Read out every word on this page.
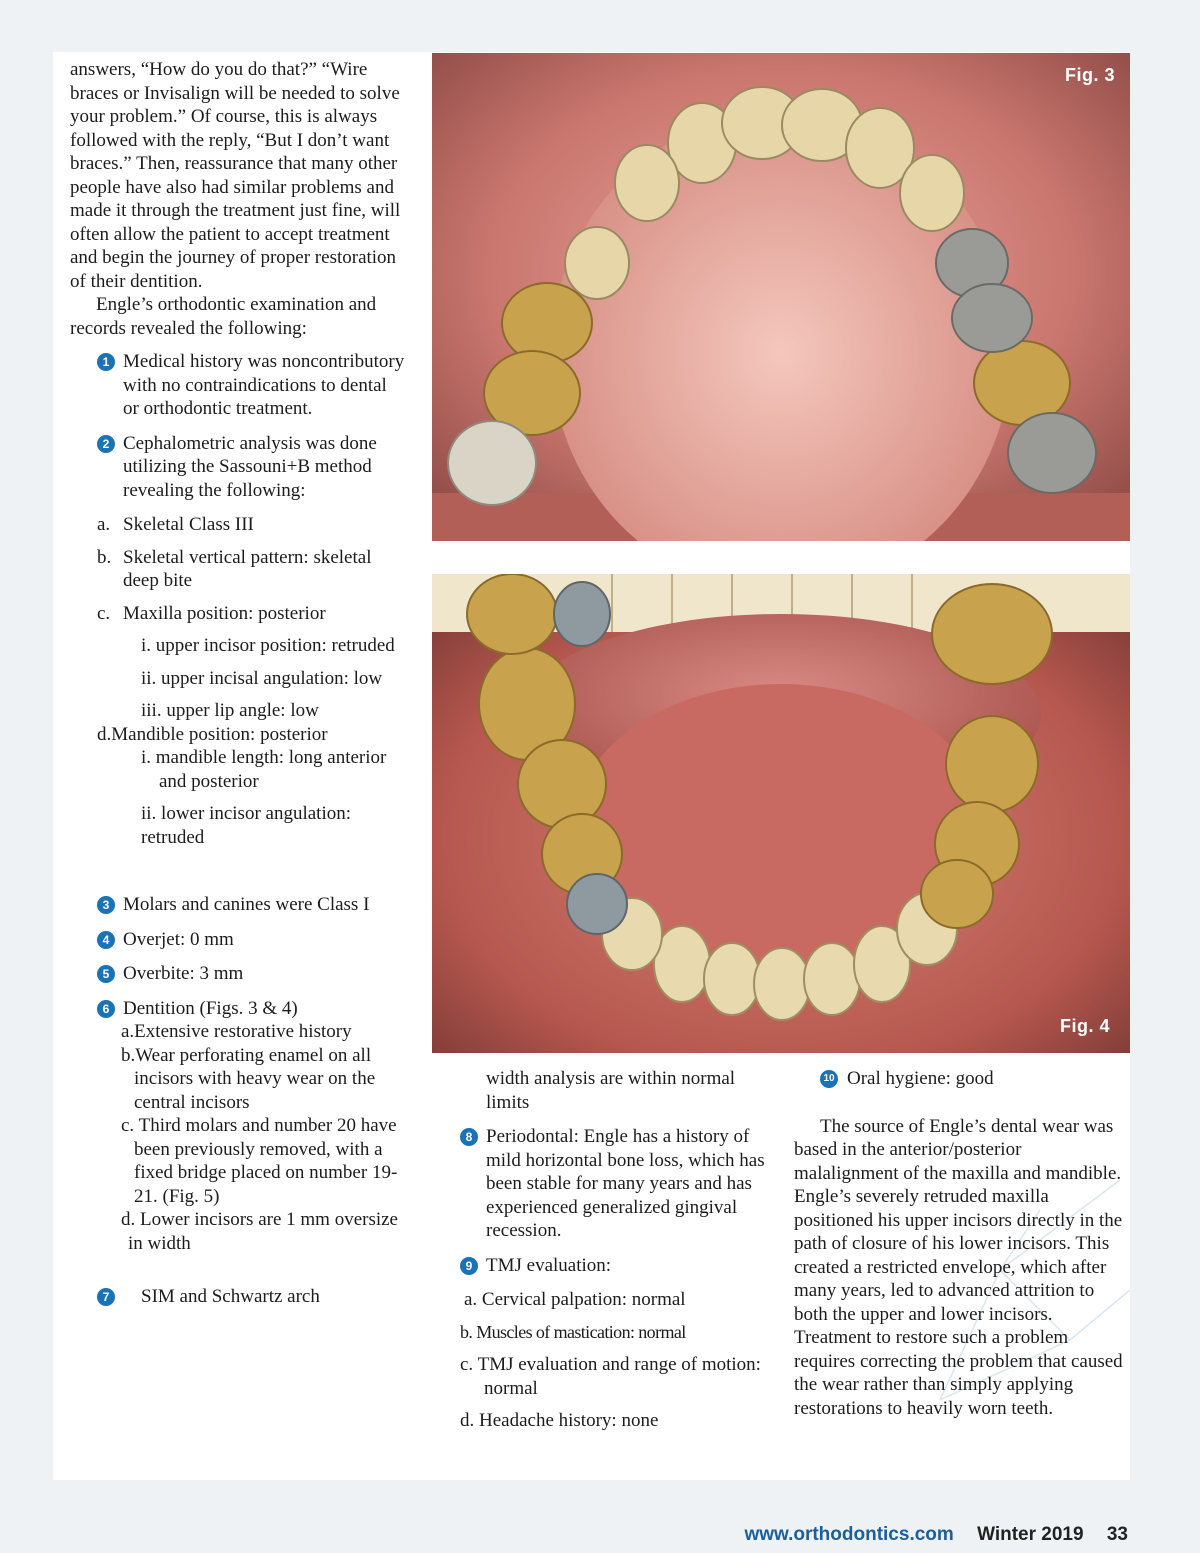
answers, “How do you do that?” “Wire braces or Invisalign will be needed to solve your problem.” Of course, this is always followed with the reply, “But I don’t want braces.” Then, reassurance that many other people have also had similar problems and made it through the treatment just fine, will often allow the patient to accept treatment and begin the journey of proper restoration of their dentition.

Engle’s orthodontic examination and records revealed the following:

1 Medical history was noncontributory with no contraindications to dental or orthodontic treatment.

2 Cephalometric analysis was done utilizing the Sassouni+B method revealing the following:

a. Skeletal Class III

b. Skeletal vertical pattern: skeletal deep bite

c. Maxilla position: posterior

i. upper incisor position: retruded

ii. upper incisal angulation: low

iii. upper lip angle: low

d.Mandible position: posterior

i. mandible length: long anterior and posterior

ii. lower incisor angulation: retruded

3 Molars and canines were Class I

4 Overjet: 0 mm

5 Overbite: 3 mm

6 Dentition (Figs. 3 & 4)

a.Extensive restorative history

b.Wear perforating enamel on all incisors with heavy wear on the central incisors

c. Third molars and number 20 have been previously removed, with a fixed bridge placed on number 19-21. (Fig. 5)

d. Lower incisors are 1 mm oversize in width

7 SIM and Schwartz arch

Fig. 3
Fig. 4

width analysis are within normal limits

8 Periodontal: Engle has a history of mild horizontal bone loss, which has been stable for many years and has experienced generalized gingival recession.

9 TMJ evaluation:

a. Cervical palpation: normal

b. Muscles of mastication: normal

c. TMJ evaluation and range of motion: normal

d. Headache history: none

10 Oral hygiene: good

The source of Engle’s dental wear was based in the anterior/posterior malalignment of the maxilla and mandible. Engle’s severely retruded maxilla positioned his upper incisors directly in the path of closure of his lower incisors. This created a restricted envelope, which after many years, led to advanced attrition to both the upper and lower incisors. Treatment to restore such a problem requires correcting the problem that caused the wear rather than simply applying restorations to heavily worn teeth.

www.orthodontics.com Winter 2019 33
